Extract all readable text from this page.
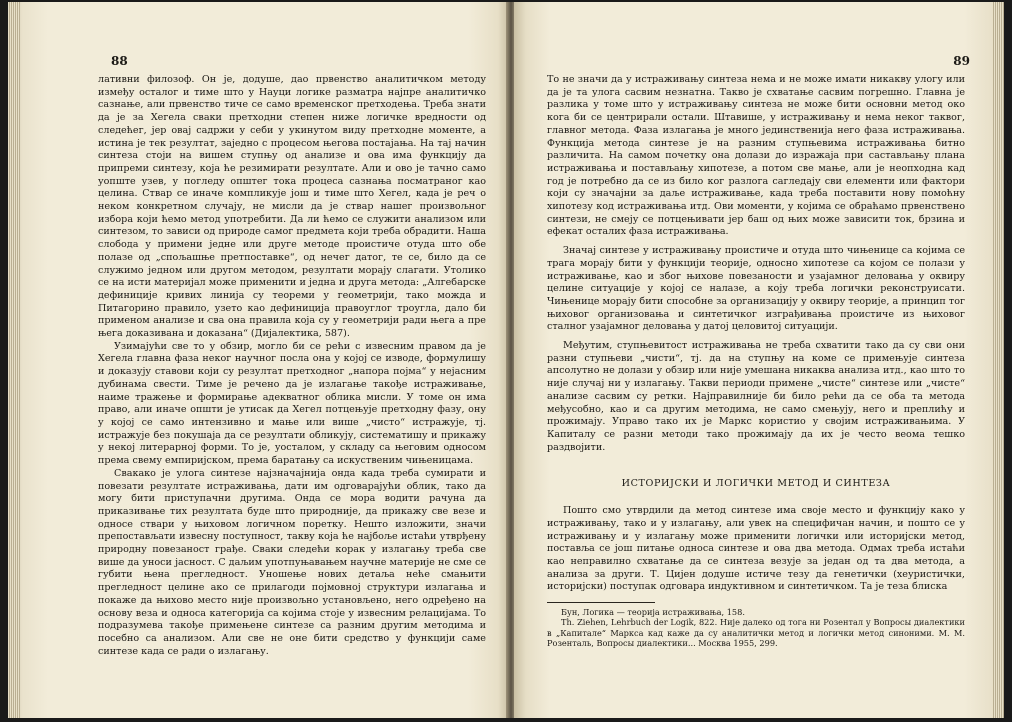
88

лативни филозоф. Он је, додуше, дао првенство аналитичком методу између осталог и тиме што у Науци логике разматра најпре аналитичко сазнање, али првенство тиче се само временског претходења. Треба знати да је за Хегела сваки претходни степен ниже логичке вредности од следећег, јер овај садржи у себи у укинутом виду претходне моменте, а истина је тек резултат, заједно с процесом његова постајања. На тај начин синтеза стоји на вишем ступњу од анализе и ова има функцију да припреми синтезу, која ће резимирати резултате. Али и ово је тачно само уопште узев, у погледу општег тока процеса сазнања посматраног као целина. Ствар се иначе компликује још и тиме што Хегел, када је реч о неком конкретном случају, не мисли да је ствар нашег произвољног избора који ћемо метод употребити. Да ли ћемо се служити анализом или синтезом, то зависи од природе самог предмета који треба обрадити. Наша слобода у примени једне или друге методе проистиче отуда што обе полазе од „спољашње претпоставке“, од нечег датог, те се, било да се служимо једном или другом методом, резултати морају слагати. Утолико се на исти материјал може применити и једна и друга метода: „Алгебарске дефиниције кривих линија су теореми у геометрији, тако можда и Питагорино правило, узето као дефиниција правоуглог троугла, дало би применом анализе и сва она правила која су у геометрији ради њега а пре њега доказивана и доказана“ (Дијалектика, 587).

Узимајући све то у обзир, могло би се рећи с извесним правом да је Хегела главна фаза неког научног посла она у којој се изводе, формулишу и доказују ставови који су резултат претходног „напора појма“ у нејасним дубинама свести. Тиме је речено да је излагање такође истраживање, наиме тражење и формирање адекватног облика мисли. У томе он има право, али иначе општи је утисак да Хегел потцењује претходну фазу, ону у којој се само интензивно и мање или више „чисто“ истражује, тј. истражује без покушаја да се резултати обликују, систематишу и прикажу у некој литерарној форми. То је, уосталом, у складу са његовим односом према свему емпиријском, према баратању са искуственим чињеницама.

Свакако је улога синтезе најзначајнија онда када треба сумирати и повезати резултате истраживања, дати им одговарајући облик, тако да могу бити приступачни другима. Онда се мора водити рачуна да приказивање тих резултата буде што природније, да прикажу све везе и односе ствари у њиховом логичном поретку. Нешто изложити, значи препостављати извесну поступност, такву која ће најбоље истаћи утврђену природну повезаност грађе. Сваки следећи корак у излагању треба све више да уноси јасност. С даљим употпуњавањем научне материје не сме се губити њена прегледност. Уношење нових детаља неће смањити прегледност целине ако се прилагоди појмовној структури излагања и покаже да њихово место није произвољно установљено, него одређено на основу веза и односа категорија са којима стоје у извесним релацијама. То подразумева такође примењене синтезе са разним другим методима и посебно са анализом. Али све не оне бити средство у функцији саме синтезе када се ради о излагању.

89

То не значи да у истраживању синтеза нема и не може имати никакву улогу или да је та улога сасвим незнатна. Такво је схватање сасвим погрешно. Главна је разлика у томе што у истраживању синтеза не може бити основни метод око кога би се центрирали остали. Штавише, у истраживању и нема неког таквог, главног метода. Фаза излагања је много јединственија него фаза истраживања. Функција метода синтезе је на разним ступњевима истраживања битно различита. На самом почетку она долази до изражаја при састављању плана истраживања и постављању хипотезе, а потом све мање, али је неопходна кад год је потребно да се из било ког разлога сагледају сви елементи или фактори који су значајни за даље истраживање, када треба поставити нову помоћну хипотезу код истраживања итд. Ови моменти, у којима се обраћамо првенствено синтези, не смеју се потцењивати јер баш од њих може зависити ток, брзина и ефекат осталих фаза истраживања.

Значај синтезе у истраживању проистиче и отуда што чињенице са којима се трага морају бити у функцији теорије, односно хипотезе са којом се полази у истраживање, као и због њихове повезаности и узајамног деловања у оквиру целине ситуације у којој се налазе, а коју треба логички реконструисати. Чињенице морају бити способне за организацију у оквиру теорије, а принцип тог њиховог организовања и синтетичког изграђивања проистиче из њиховог сталног узајамног деловања у датој целовитој ситуацији.

Међутим, ступњевитост истраживања не треба схватити тако да су сви они разни ступњеви „чисти“, тј. да на ступњу на коме се примењује синтеза апсолутно не долази у обзир или није умешана никаква анализа итд., као што то није случај ни у излагању. Такви периоди примене „чисте“ синтезе или „чисте“ анализе сасвим су ретки. Најправилније би било рећи да се оба та метода међусобно, као и са другим методима, не само смењују, него и преплићу и прожимају. Управо тако их је Маркс користио у својим истраживањима. У Капиталу се разни методи тако прожимају да их је често веома тешко раздвојити.

ИСТОРИЈСКИ И ЛОГИЧКИ МЕТОД И СИНТЕЗА

Пошто смо утврдили да метод синтезе има своје место и функцију како у истраживању, тако и у излагању, али увек на специфичан начин, и пошто се у истраживању и у излагању може применити логички или историјски метод, поставља се још питање односа синтезе и ова два метода. Одмах треба истаћи као неправилно схватање да се синтеза везује за један од та два метода, а анализа за други. Т. Цијен додуше истиче тезу да генетички (хеуристички, историјски) поступак одговара индуктивном и синтетичком. Та је теза блиска

Бун, Логика — теорија истраживања, 158.

Th. Ziehen, Lehrbuch der Logik, 822. Није далеко од тога ни Розентал у Вопросы диалектики в „Капитале“ Маркса кад каже да су аналитички метод и логички метод синоними. М. М. Розенталь, Вопросы диалектики... Москва 1955, 299.
